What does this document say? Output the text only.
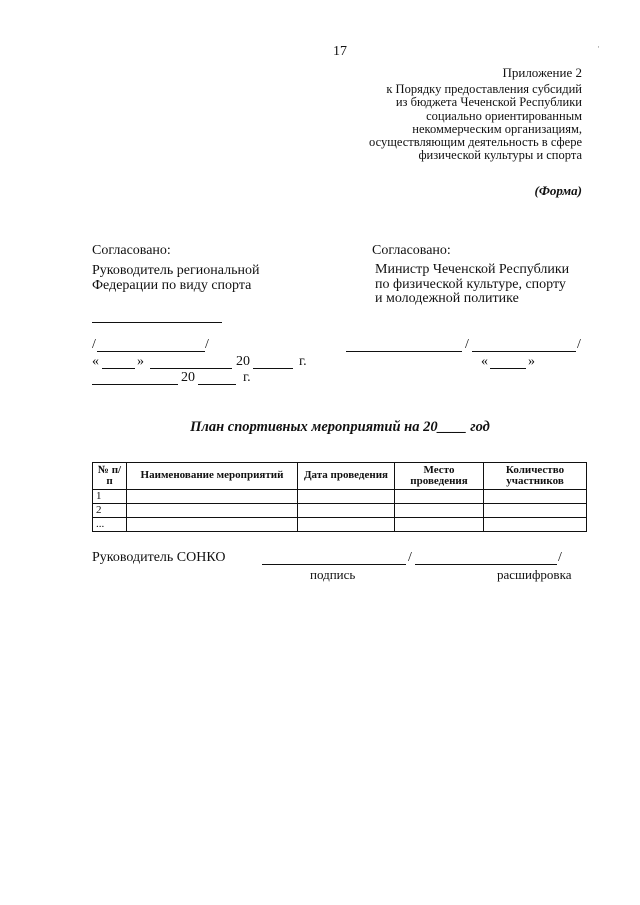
17	·
Приложение 2
к Порядку предоставления субсидий
из бюджета Чеченской Республики
социально ориентированным
некоммерческим организациям,
осуществляющим деятельность в сфере
физической культуры и спорта
(Форма)
Согласовано:
Руководитель региональной
Федерации по виду спорта
/	/
«	»	20	г.
20	г.
Согласовано:
Министр Чеченской Республики
по физической культуре, спорту
и молодежной политике
/	/
«	»
План спортивных мероприятий на 20____ год
№ п/п	Наименование мероприятий	Дата проведения	Место проведения	Количество участников
1				
2				
...				
Руководитель СОНКО	/	/
подпись	расшифровка
